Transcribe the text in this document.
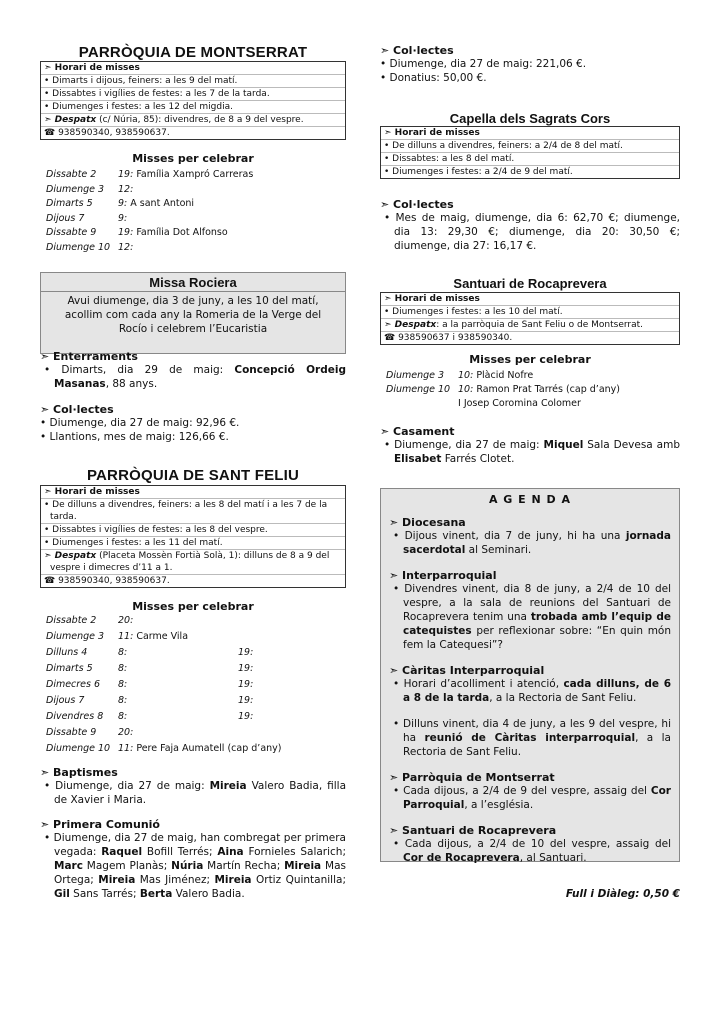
PARRÒQUIA DE MONTSERRAT
➣ Horari de misses
• Dimarts i dijous, feiners: a les 9 del matí.
• Dissabtes i vigílies de festes: a les 7 de la tarda.
• Diumenges i festes: a les 12 del migdia.
➣ Despatx (c/ Núria, 85): divendres, de 8 a 9 del vespre.
☎ 938590340, 938590637.
Misses per celebrar
Dissabte 2 19: Família Xampró Carreras
Diumenge 3 12:
Dimarts 5	9: A sant Antoni
Dijous 7	9:
Dissabte 9 19: Família Dot Alfonso
Diumenge 10 12:
Missa Rociera
Avui diumenge, dia 3 de juny, a les 10 del matí, acollim com cada any la Romeria de la Verge del Rocío i celebrem l’Eucaristia
➣ Enterraments
• Dimarts, dia 29 de maig: Concepció Ordeig Masanas, 88 anys.
➣ Col·lectes
• Diumenge, dia 27 de maig: 92,96 €.
• Llantions, mes de maig: 126,66 €.
PARRÒQUIA DE SANT FELIU
➣ Horari de misses
• De dilluns a divendres, feiners: a les 8 del matí i a les 7 de la tarda.
• Dissabtes i vigílies de festes: a les 8 del vespre.
• Diumenges i festes: a les 11 del matí.
➣ Despatx (Placeta Mossèn Fortià Solà, 1): dilluns de 8 a 9 del vespre i dimecres d’11 a 1.
☎ 938590340, 938590637.
Misses per celebrar
Dissabte 2 20:
Diumenge 3 11: Carme Vila
Dilluns 4	8:	19:
Dimarts 5	8:	19:
Dimecres 6 8:	19:
Dijous 7	8:	19:
Divendres 8 8:	19:
Dissabte 9 20:
Diumenge 10 11: Pere Faja Aumatell (cap d’any)
➣ Baptismes
• Diumenge, dia 27 de maig: Mireia Valero Badia, filla de Xavier i Maria.
➣ Primera Comunió
• Diumenge, dia 27 de maig, han combregat per primera vegada: Raquel Bofill Terrés; Aina Fornieles Salarich; Marc Magem Planàs; Núria Martín Recha; Mireia Mas Ortega; Mireia Mas Jiménez; Mireia Ortiz Quintanilla; Gil Sans Tarrés; Berta Valero Badia.
➣ Col·lectes
• Diumenge, dia 27 de maig: 221,06 €.
• Donatius: 50,00 €.
Capella dels Sagrats Cors
➣ Horari de misses
• De dilluns a divendres, feiners: a 2/4 de 8 del matí.
• Dissabtes: a les 8 del matí.
• Diumenges i festes: a 2/4 de 9 del matí.
➣ Col·lectes
• Mes de maig, diumenge, dia 6: 62,70 €; diumenge, dia 13: 29,30 €; diumenge, dia 20: 30,50 €; diumenge, dia 27: 16,17 €.
Santuari de Rocaprevera
➣ Horari de misses
• Diumenges i festes: a les 10 del matí.
➣ Despatx: a la parròquia de Sant Feliu o de Montserrat.
☎ 938590637 i 938590340.
Misses per celebrar
Diumenge 3 10: Plàcid Nofre
Diumenge 10 10: Ramon Prat Tarrés (cap d’any)
I Josep Coromina Colomer
➣ Casament
• Diumenge, dia 27 de maig: Miquel Sala Devesa amb Elisabet Farrés Clotet.
A G E N D A
➣ Diocesana
• Dijous vinent, dia 7 de juny, hi ha una jornada sacerdotal al Seminari.
➣ Interparroquial
• Divendres vinent, dia 8 de juny, a 2/4 de 10 del vespre, a la sala de reunions del Santuari de Rocaprevera tenim una trobada amb l’equip de catequistes per reflexionar sobre: “En quin món fem la Catequesi”?
➣ Càritas Interparroquial
• Horari d’acolliment i atenció, cada dilluns, de 6 a 8 de la tarda, a la Rectoria de Sant Feliu.
• Dilluns vinent, dia 4 de juny, a les 9 del vespre, hi ha reunió de Càritas interparroquial, a la Rectoria de Sant Feliu.
➣ Parròquia de Montserrat
• Cada dijous, a 2/4 de 9 del vespre, assaig del Cor Parroquial, a l’església.
➣ Santuari de Rocaprevera
• Cada dijous, a 2/4 de 10 del vespre, assaig del Cor de Rocaprevera, al Santuari.
Full i Diàleg: 0,50 €
